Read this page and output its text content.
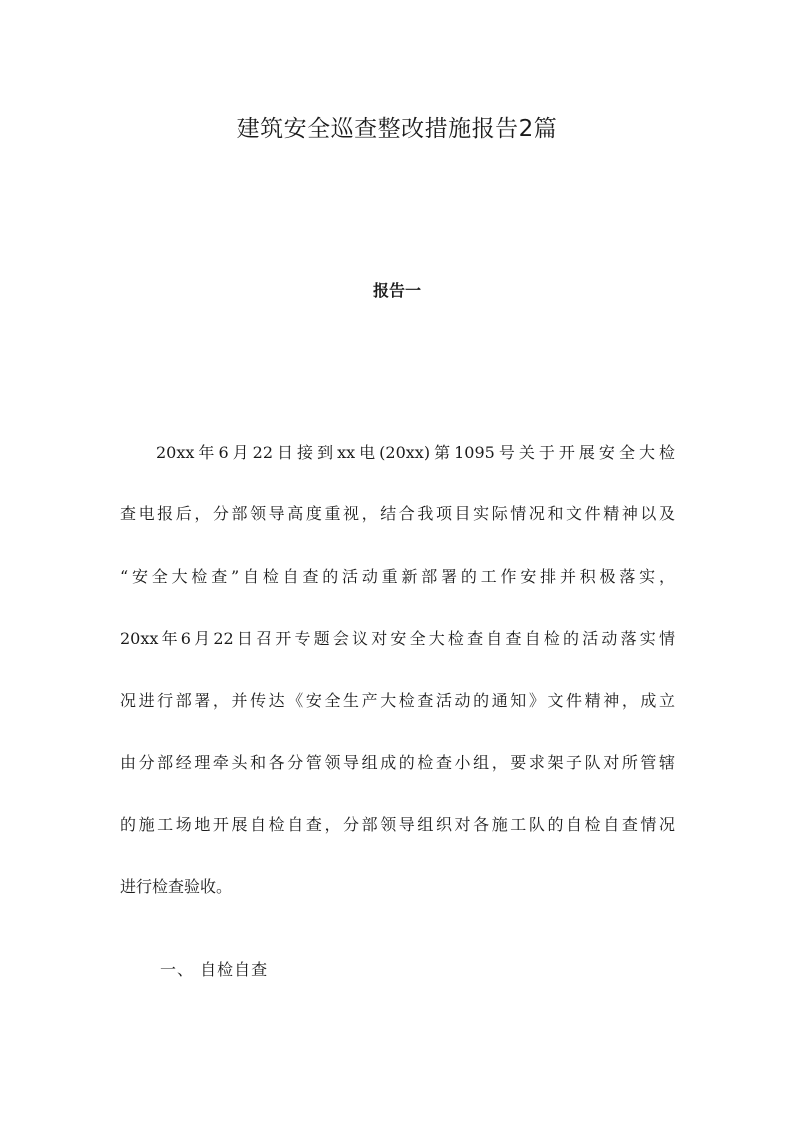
建筑安全巡查整改措施报告2篇
报告一

20xx年6月22日接到xx电(20xx)第1095号关于开展安全大检

查电报后，分部领导高度重视，结合我项目实际情况和文件精神以及

“安全大检查”自检自查的活动重新部署的工作安排并积极落实，

20xx年6月22日召开专题会议对安全大检查自查自检的活动落实情

况进行部署，并传达《安全生产大检查活动的通知》文件精神，成立

由分部经理牵头和各分管领导组成的检查小组，要求架子队对所管辖

的施工场地开展自检自查，分部领导组织对各施工队的自检自查情况

进行检查验收。

一、 自检自查
